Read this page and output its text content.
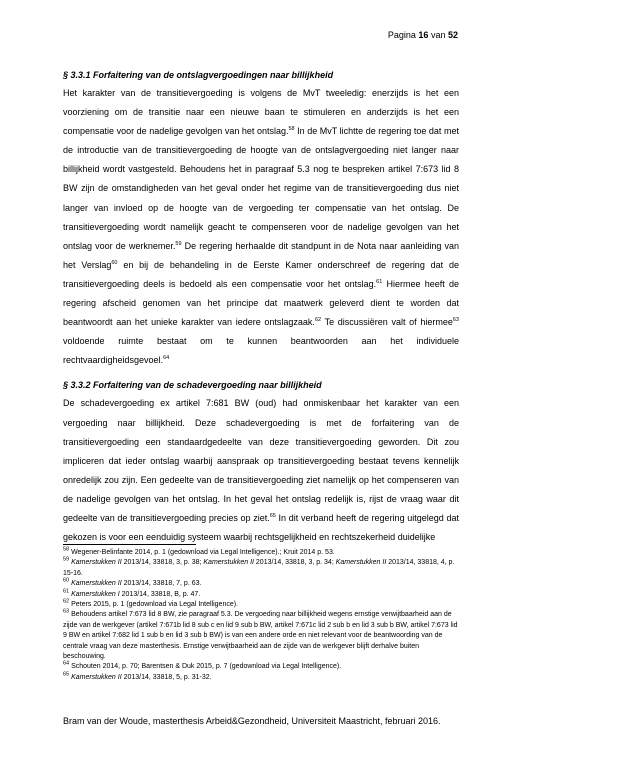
Pagina 16 van 52
§ 3.3.1 Forfaitering van de ontslagvergoedingen naar billijkheid

Het karakter van de transitievergoeding is volgens de MvT tweeledig: enerzijds is het een voorziening om de transitie naar een nieuwe baan te stimuleren en anderzijds is het een compensatie voor de nadelige gevolgen van het ontslag.$^{58}$ In de MvT lichtte de regering toe dat met de introductie van de transitievergoeding de hoogte van de ontslagvergoeding niet langer naar billijkheid wordt vastgesteld. Behoudens het in paragraaf 5.3 nog te bespreken artikel 7:673 lid 8 BW zijn de omstandigheden van het geval onder het regime van de transitievergoeding dus niet langer van invloed op de hoogte van de vergoeding ter compensatie van het ontslag. De transitievergoeding wordt namelijk geacht te compenseren voor de nadelige gevolgen van het ontslag voor de werknemer.$^{59}$ De regering herhaalde dit standpunt in de Nota naar aanleiding van het Verslag$^{60}$ en bij de behandeling in de Eerste Kamer onderschreef de regering dat de transitievergoeding deels is bedoeld als een compensatie voor het ontslag.$^{61}$ Hiermee heeft de regering afscheid genomen van het principe dat maatwerk geleverd dient te worden dat beantwoordt aan het unieke karakter van iedere ontslagzaak.$^{62}$ Te discussiëren valt of hiermee$^{63}$ voldoende ruimte bestaat om te kunnen beantwoorden aan het individuele rechtvaardigheidsgevoel.$^{64}$

§ 3.3.2 Forfaitering van de schadevergoeding naar billijkheid

De schadevergoeding ex artikel 7:681 BW (oud) had onmiskenbaar het karakter van een vergoeding naar billijkheid. Deze schadevergoeding is met de forfaitering van de transitievergoeding een standaardgedeelte van deze transitievergoeding geworden. Dit zou impliceren dat ieder ontslag waarbij aanspraak op transitievergoeding bestaat tevens kennelijk onredelijk zou zijn. Een gedeelte van de transitievergoeding ziet namelijk op het compenseren van de nadelige gevolgen van het ontslag. In het geval het ontslag redelijk is, rijst de vraag waar dit gedeelte van de transitievergoeding precies op ziet.$^{65}$ In dit verband heeft de regering uitgelegd dat gekozen is voor een eenduidig systeem waarbij rechtsgelijkheid en rechtszekerheid duidelijke

$^{58}$ Wegener-Belinfante 2014, p. 1 (gedownload via Legal Intelligence).; Kruit 2014 p. 53.

$^{59}$ Kamerstukken II 2013/14, 33818, 3, p. 38; Kamerstukken II 2013/14, 33818, 3, p. 34; Kamerstukken II 2013/14, 33818, 4, p. 15-16.

$^{60}$ Kamerstukken II 2013/14, 33818, 7, p. 63.

$^{61}$ Kamerstukken I 2013/14, 33818, B, p. 47.

$^{62}$ Peters 2015, p. 1 (gedownload via Legal Intelligence).

$^{63}$ Behoudens artikel 7:673 lid 8 BW, zie paragraaf 5.3. De vergoeding naar billijkheid wegens ernstige verwijtbaarheid aan de zijde van de werkgever (artikel 7:671b lid 8 sub c en lid 9 sub b BW, artikel 7:671c lid 2 sub b en lid 3 sub b BW, artikel 7:673 lid 9 BW en artikel 7:682 lid 1 sub b en lid 3 sub b BW) is van een andere orde en niet relevant voor de beantwoording van de centrale vraag van deze masterthesis. Ernstige verwijtbaarheid aan de zijde van de werkgever blijft derhalve buiten beschouwing.

$^{64}$ Schouten 2014, p. 70; Barentsen & Duk 2015, p. 7 (gedownload via Legal Intelligence).

$^{65}$ Kamerstukken II 2013/14, 33818, 5, p. 31-32.

Bram van der Woude, masterthesis Arbeid&Gezondheid, Universiteit Maastricht, februari 2016.
